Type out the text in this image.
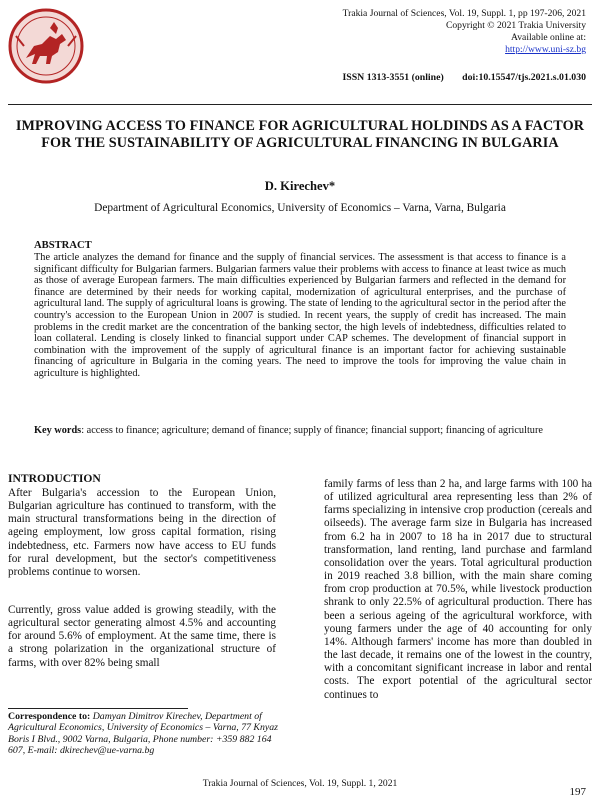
Trakia Journal of Sciences, Vol. 19, Suppl. 1, pp 197-206, 2021
Copyright © 2021 Trakia University
Available online at:
http://www.uni-sz.bg
ISSN 1313-3551 (online) doi:10.15547/tjs.2021.s.01.030
IMPROVING ACCESS TO FINANCE FOR AGRICULTURAL HOLDINDS AS A FACTOR FOR THE SUSTAINABILITY OF AGRICULTURAL FINANCING IN BULGARIA
D. Kirechev*
Department of Agricultural Economics, University of Economics – Varna, Varna, Bulgaria
ABSTRACT
The article analyzes the demand for finance and the supply of financial services. The assessment is that access to finance is a significant difficulty for Bulgarian farmers. Bulgarian farmers value their problems with access to finance at least twice as much as those of average European farmers. The main difficulties experienced by Bulgarian farmers and reflected in the demand for finance are determined by their needs for working capital, modernization of agricultural enterprises, and the purchase of agricultural land. The supply of agricultural loans is growing. The state of lending to the agricultural sector in the period after the country's accession to the European Union in 2007 is studied. In recent years, the supply of credit has increased. The main problems in the credit market are the concentration of the banking sector, the high levels of indebtedness, difficulties related to loan collateral. Lending is closely linked to financial support under CAP schemes. The development of financial support in combination with the improvement of the supply of agricultural finance is an important factor for achieving sustainable financing of agriculture in Bulgaria in the coming years. The need to improve the tools for improving the value chain in agriculture is highlighted.
Key words: access to finance; agriculture; demand of finance; supply of finance; financial support; financing of agriculture
INTRODUCTION
After Bulgaria's accession to the European Union, Bulgarian agriculture has continued to transform, with the main structural transformations being in the direction of ageing employment, low gross capital formation, rising indebtedness, etc. Farmers now have access to EU funds for rural development, but the sector's competitiveness problems continue to worsen.
Currently, gross value added is growing steadily, with the agricultural sector generating almost 4.5% and accounting for around 5.6% of employment. At the same time, there is a strong polarization in the organizational structure of farms, with over 82% being small
Correspondence to: Damyan Dimitrov Kirechev, Department of Agricultural Economics, University of Economics – Varna, 77 Knyaz Boris I Blvd., 9002 Varna, Bulgaria, Phone number: +359 882 164 607, E-mail: dkirechev@ue-varna.bg
family farms of less than 2 ha, and large farms with 100 ha of utilized agricultural area representing less than 2% of farms specializing in intensive crop production (cereals and oilseeds). The average farm size in Bulgaria has increased from 6.2 ha in 2007 to 18 ha in 2017 due to structural transformation, land renting, land purchase and farmland consolidation over the years. Total agricultural production in 2019 reached 3.8 billion, with the main share coming from crop production at 70.5%, while livestock production shrank to only 22.5% of agricultural production. There has been a serious ageing of the agricultural workforce, with young farmers under the age of 40 accounting for only 14%. Although farmers' income has more than doubled in the last decade, it remains one of the lowest in the country, with a concomitant significant increase in labor and rental costs. The export potential of the agricultural sector continues to
Trakia Journal of Sciences, Vol. 19, Suppl. 1, 2021
197
